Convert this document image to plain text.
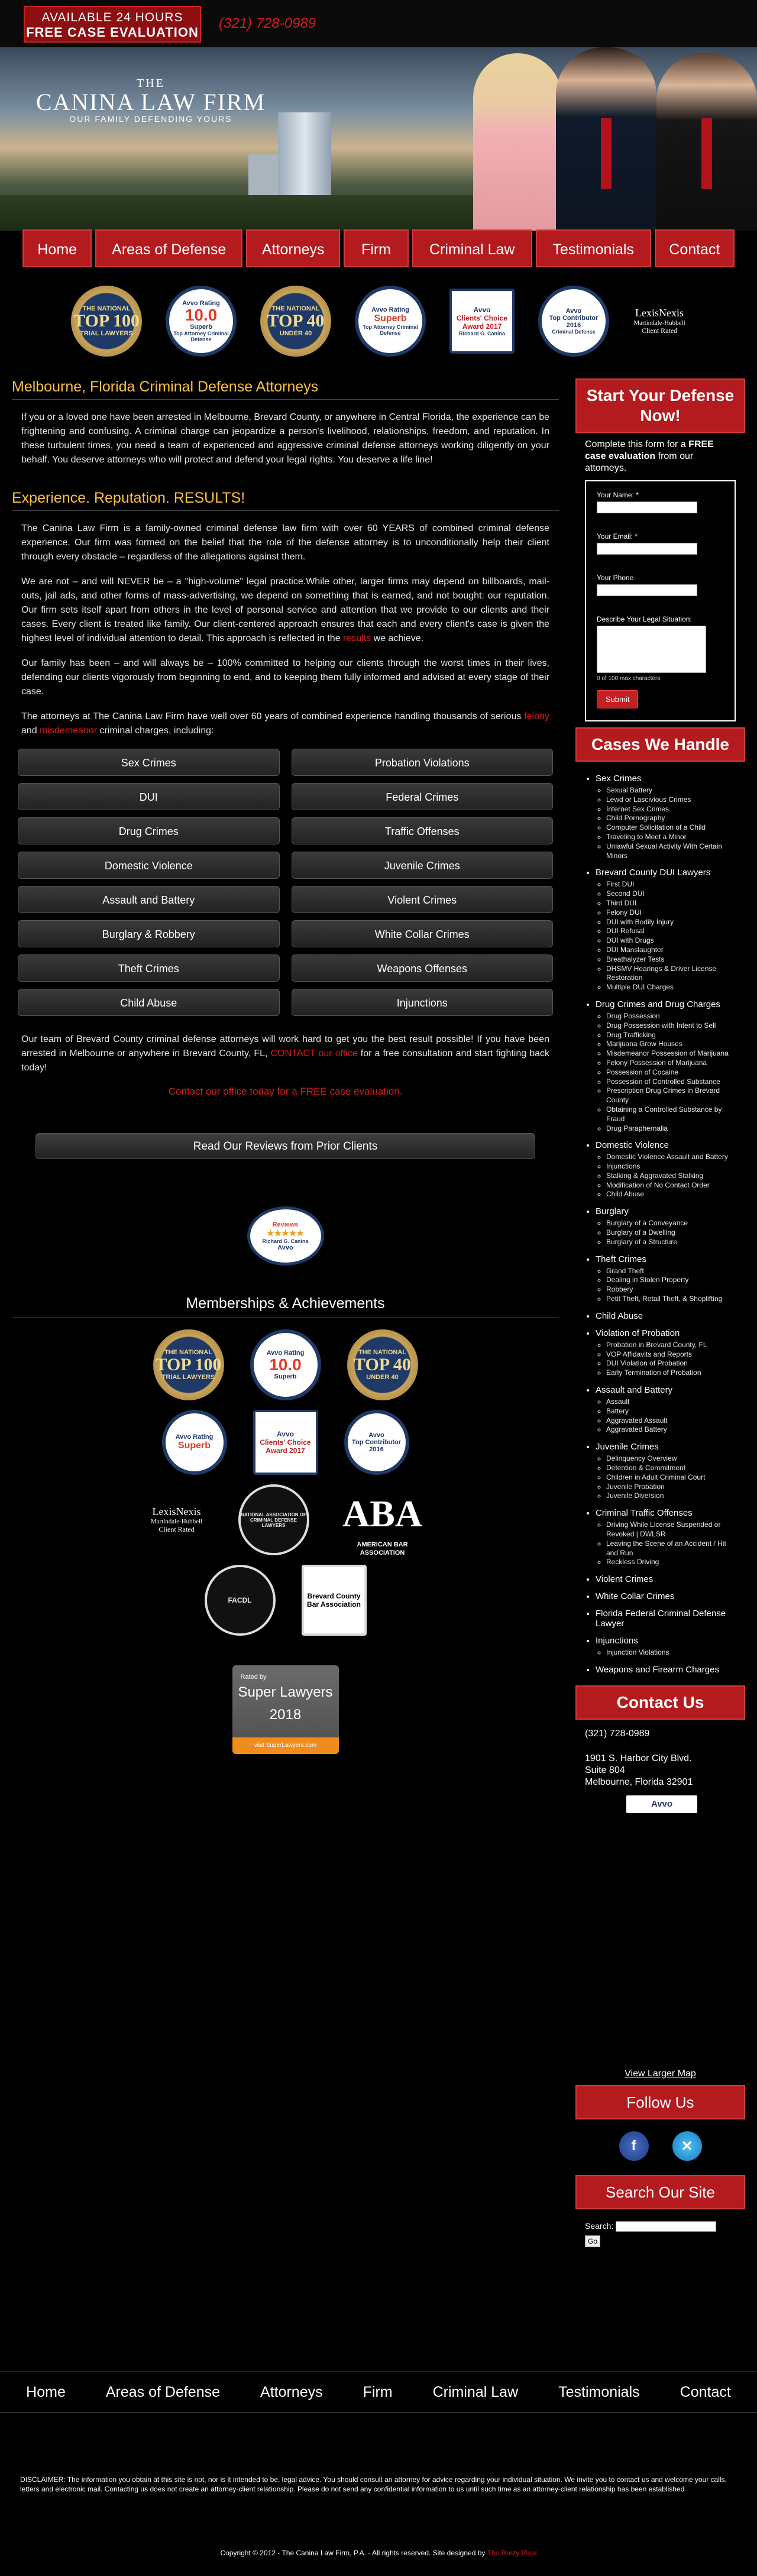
AVAILABLE 24 HOURS
FREE CASE EVALUATION
(321) 728-0989
THE
CANINA LAW FIRM
OUR FAMILY DEFENDING YOURS
Home	Areas of Defense	Attorneys	Firm	Criminal Law	Testimonials	Contact
THE NATIONAL
TOP 100
TRIAL LAWYERS
Avvo Rating
10.0
Superb
Top Attorney Criminal Defense
THE NATIONAL
TOP 40
UNDER 40
Avvo Rating
Superb
Top Attorney Criminal Defense
Avvo
Clients' Choice
Award 2017
Richard G. Canina
Avvo
Top Contributor
2016
Criminal Defense
LexisNexis
Martindale-Hubbell
Client Rated
Melbourne, Florida Criminal Defense Attorneys

If you or a loved one have been arrested in Melbourne, Brevard County, or anywhere in Central Florida, the experience can be frightening and confusing. A criminal charge can jeopardize a person's livelihood, relationships, freedom, and reputation. In these turbulent times, you need a team of experienced and aggressive criminal defense attorneys working diligently on your behalf. You deserve attorneys who will protect and defend your legal rights. You deserve a life line!

Experience. Reputation. RESULTS!

The Canina Law Firm is a family-owned criminal defense law firm with over 60 YEARS of combined criminal defense experience. Our firm was formed on the belief that the role of the defense attorney is to unconditionally help their client through every obstacle – regardless of the allegations against them.

We are not – and will NEVER be – a "high-volume" legal practice.While other, larger firms may depend on billboards, mail-outs, jail ads, and other forms of mass-advertising, we depend on something that is earned, and not bought: our reputation. Our firm sets itself apart from others in the level of personal service and attention that we provide to our clients and their cases. Every client is treated like family. Our client-centered approach ensures that each and every client's case is given the highest level of individual attention to detail. This approach is reflected in the results we achieve.

Our family has been – and will always be – 100% committed to helping our clients through the worst times in their lives, defending our clients vigorously from beginning to end, and to keeping them fully informed and advised at every stage of their case.

The attorneys at The Canina Law Firm have well over 60 years of combined experience handling thousands of serious felony and misdemeanor criminal charges, including:

Sex Crimes	Probation Violations
DUI	Federal Crimes
Drug Crimes	Traffic Offenses
Domestic Violence	Juvenile Crimes
Assault and Battery	Violent Crimes
Burglary & Robbery	White Collar Crimes
Theft Crimes	Weapons Offenses
Child Abuse	Injunctions

Our team of Brevard County criminal defense attorneys will work hard to get you the best result possible! If you have been arrested in Melbourne or anywhere in Brevard County, FL, CONTACT our office for a free consultation and start fighting back today!

Contact our office today for a FREE case evaluation.
Read Our Reviews from Prior Clients
Reviews
★★★★★
Richard G. Canina
Avvo
Memberships & Achievements
THE NATIONAL
TOP 100
TRIAL LAWYERS
Avvo Rating
10.0
Superb
THE NATIONAL
TOP 40
UNDER 40
Avvo Rating
Superb
Avvo
Clients' Choice
Award 2017
Avvo
Top Contributor
2016
LexisNexis
Martindale-Hubbell
Client Rated
NATIONAL ASSOCIATION OF CRIMINAL DEFENSE LAWYERS	ABA
AMERICAN BAR ASSOCIATION
FACDL	Brevard County Bar Association
Rated by
Super Lawyers
2018
visit SuperLawyers.com
Start Your Defense Now!
Complete this form for a FREE case evaluation from our attorneys.
Your Name: *
Your Email: *
Your Phone
Describe Your Legal Situation:
0 of 100 max characters.
Submit
Cases We Handle
• Sex Crimes
◦ Sexual Battery
◦ Lewd or Lascivious Crimes
◦ Internet Sex Crimes
◦ Child Pornography
◦ Computer Solicitation of a Child
◦ Traveling to Meet a Minor
◦ Unlawful Sexual Activity With Certain Minors
• Brevard County DUI Lawyers
◦ First DUI
◦ Second DUI
◦ Third DUI
◦ Felony DUI
◦ DUI with Bodily Injury
◦ DUI Refusal
◦ DUI with Drugs
◦ DUI Manslaughter
◦ Breathalyzer Tests
◦ DHSMV Hearings & Driver License Restoration
◦ Multiple DUI Charges
• Drug Crimes and Drug Charges
◦ Drug Possession
◦ Drug Possession with Intent to Sell
◦ Drug Trafficking
◦ Marijuana Grow Houses
◦ Misdemeanor Possession of Marijuana
◦ Felony Possession of Marijuana
◦ Possession of Cocaine
◦ Possession of Controlled Substance
◦ Prescription Drug Crimes in Brevard County
◦ Obtaining a Controlled Substance by Fraud
◦ Drug Paraphernalia
• Domestic Violence
◦ Domestic Violence Assault and Battery
◦ Injunctions
◦ Stalking & Aggravated Stalking
◦ Modification of No Contact Order
◦ Child Abuse
• Burglary
◦ Burglary of a Conveyance
◦ Burglary of a Dwelling
◦ Burglary of a Structure
• Theft Crimes
◦ Grand Theft
◦ Dealing in Stolen Property
◦ Robbery
◦ Petit Theft, Retail Theft, & Shoplifting
• Child Abuse
• Violation of Probation
◦ Probation in Brevard County, FL
◦ VOP Affidavits and Reports
◦ DUI Violation of Probation
◦ Early Termination of Probation
• Assault and Battery
◦ Assault
◦ Battery
◦ Aggravated Assault
◦ Aggravated Battery
• Juvenile Crimes
◦ Delinquency Overview
◦ Detention & Commitment
◦ Children in Adult Criminal Court
◦ Juvenile Probation
◦ Juvenile Diversion
• Criminal Traffic Offenses
◦ Driving While License Suspended or Revoked | DWLSR
◦ Leaving the Scene of an Accident / Hit and Run
◦ Reckless Driving
• Violent Crimes
• White Collar Crimes
• Florida Federal Criminal Defense Lawyer
• Injunctions
◦ Injunction Violations
• Weapons and Firearm Charges
Contact Us

(321) 728-0989

1901 S. Harbor City Blvd.

Suite 804

Melbourne, Florida 32901

Avvo
View Larger Map
Follow Us
f	✕
Search Our Site
Search:
Go
Home	Areas of Defense	Attorneys	Firm	Criminal Law	Testimonials	Contact
DISCLAIMER: The information you obtain at this site is not, nor is it intended to be, legal advice. You should consult an attorney for advice regarding your individual situation. We invite you to contact us and welcome your calls, letters and electronic mail. Contacting us does not create an attorney-client relationship. Please do not send any confidential information to us until such time as an attorney-client relationship has been established
Copyright © 2012 - The Canina Law Firm, P.A. - All rights reserved. Site designed by The Rusty Pixel
